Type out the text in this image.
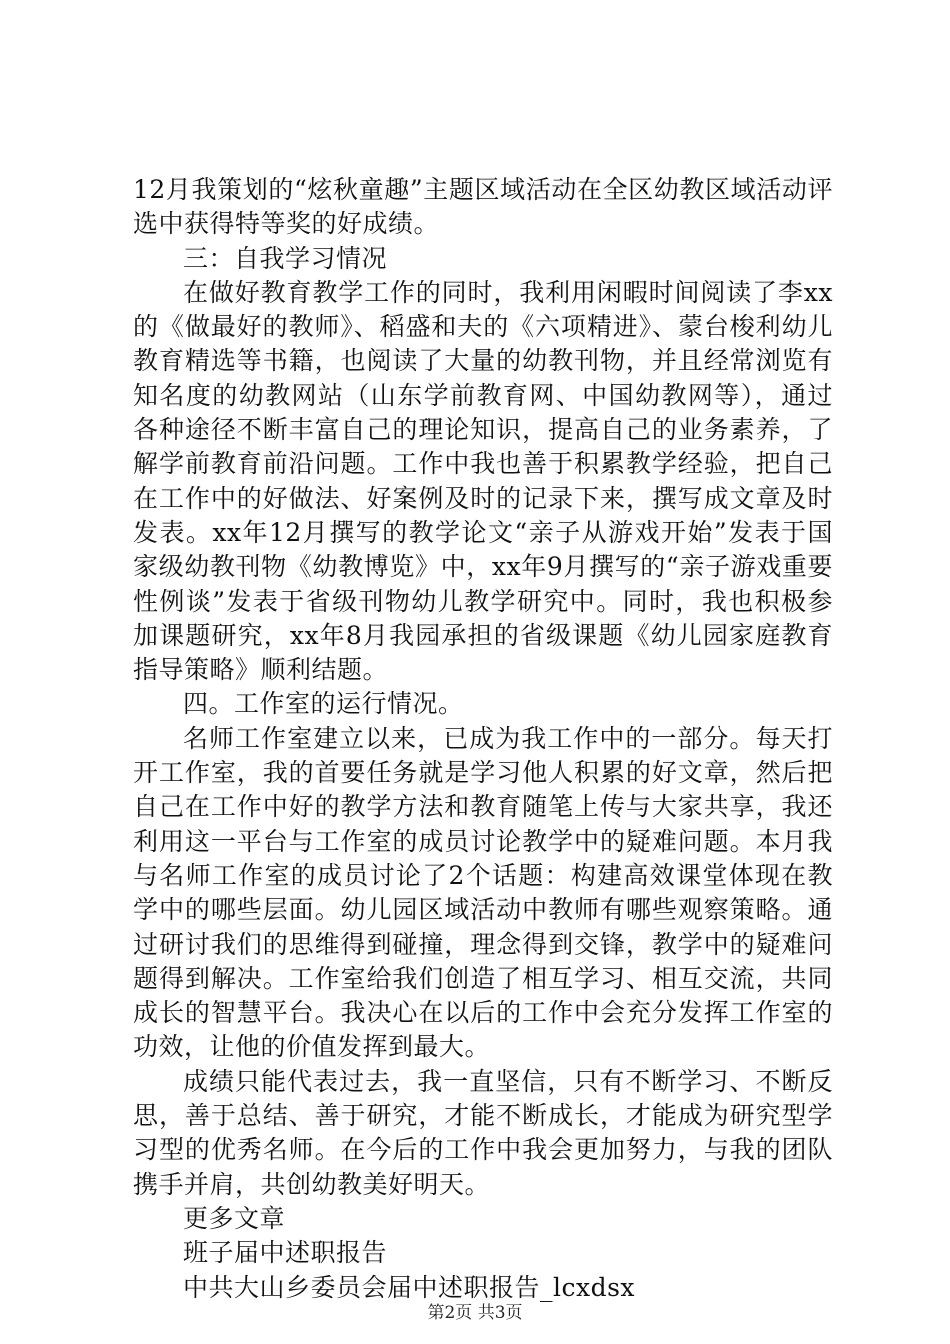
12月我策划的“炫秋童趣”主题区域活动在全区幼教区域活动评选中获得特等奖的好成绩。

三：自我学习情况

在做好教育教学工作的同时，我利用闲暇时间阅读了李xx的《做最好的教师》、稻盛和夫的《六项精进》、蒙台梭利幼儿教育精选等书籍，也阅读了大量的幼教刊物，并且经常浏览有知名度的幼教网站（山东学前教育网、中国幼教网等），通过各种途径不断丰富自己的理论知识，提高自己的业务素养，了解学前教育前沿问题。工作中我也善于积累教学经验，把自己在工作中的好做法、好案例及时的记录下来，撰写成文章及时发表。xx年12月撰写的教学论文“亲子从游戏开始”发表于国家级幼教刊物《幼教博览》中，xx年9月撰写的“亲子游戏重要性例谈”发表于省级刊物幼儿教学研究中。同时，我也积极参加课题研究，xx年8月我园承担的省级课题《幼儿园家庭教育指导策略》顺利结题。

四。工作室的运行情况。

名师工作室建立以来，已成为我工作中的一部分。每天打开工作室，我的首要任务就是学习他人积累的好文章，然后把自己在工作中好的教学方法和教育随笔上传与大家共享，我还利用这一平台与工作室的成员讨论教学中的疑难问题。本月我与名师工作室的成员讨论了2个话题：构建高效课堂体现在教学中的哪些层面。幼儿园区域活动中教师有哪些观察策略。通过研讨我们的思维得到碰撞，理念得到交锋，教学中的疑难问题得到解决。工作室给我们创造了相互学习、相互交流，共同成长的智慧平台。我决心在以后的工作中会充分发挥工作室的功效，让他的价值发挥到最大。

成绩只能代表过去，我一直坚信，只有不断学习、不断反思，善于总结、善于研究，才能不断成长，才能成为研究型学习型的优秀名师。在今后的工作中我会更加努力，与我的团队携手并肩，共创幼教美好明天。

更多文章

班子届中述职报告

中共大山乡委员会届中述职报告_lcxdsx

第2页 共3页
